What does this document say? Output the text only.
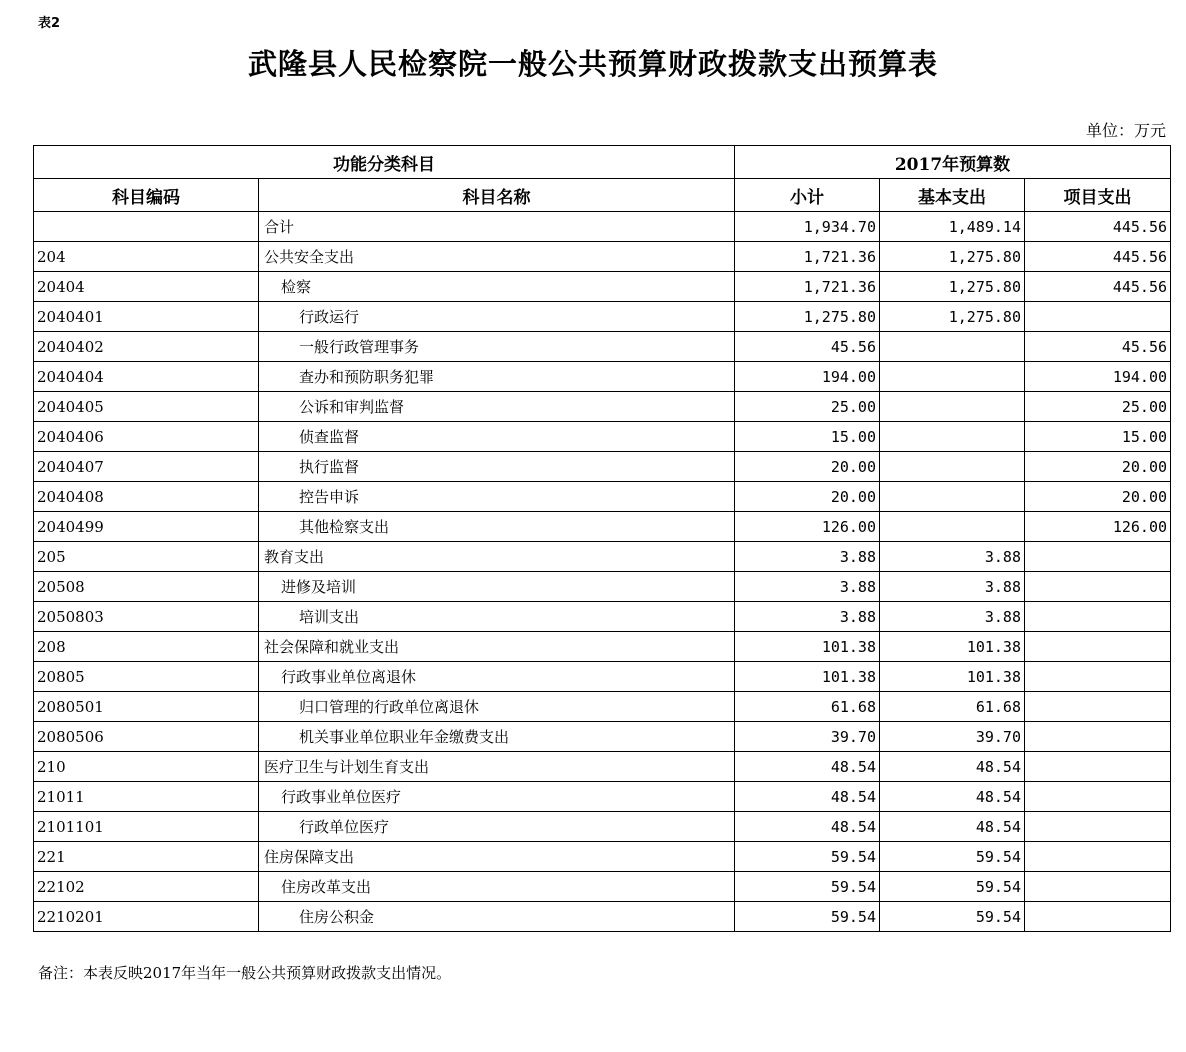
表2
武隆县人民检察院一般公共预算财政拨款支出预算表
单位：万元
功能分类科目		2017年预算数		
科目编码	科目名称	小计	基本支出	项目支出
	合计	1,934.70	1,489.14	445.56
204	公共安全支出	1,721.36	1,275.80	445.56
20404	检察	1,721.36	1,275.80	445.56
2040401	行政运行	1,275.80	1,275.80	
2040402	一般行政管理事务	45.56		45.56
2040404	查办和预防职务犯罪	194.00		194.00
2040405	公诉和审判监督	25.00		25.00
2040406	侦查监督	15.00		15.00
2040407	执行监督	20.00		20.00
2040408	控告申诉	20.00		20.00
2040499	其他检察支出	126.00		126.00
205	教育支出	3.88	3.88	
20508	进修及培训	3.88	3.88	
2050803	培训支出	3.88	3.88	
208	社会保障和就业支出	101.38	101.38	
20805	行政事业单位离退休	101.38	101.38	
2080501	归口管理的行政单位离退休	61.68	61.68	
2080506	机关事业单位职业年金缴费支出	39.70	39.70	
210	医疗卫生与计划生育支出	48.54	48.54	
21011	行政事业单位医疗	48.54	48.54	
2101101	行政单位医疗	48.54	48.54	
221	住房保障支出	59.54	59.54	
22102	住房改革支出	59.54	59.54	
2210201	住房公积金	59.54	59.54	
备注：本表反映2017年当年一般公共预算财政拨款支出情况。
